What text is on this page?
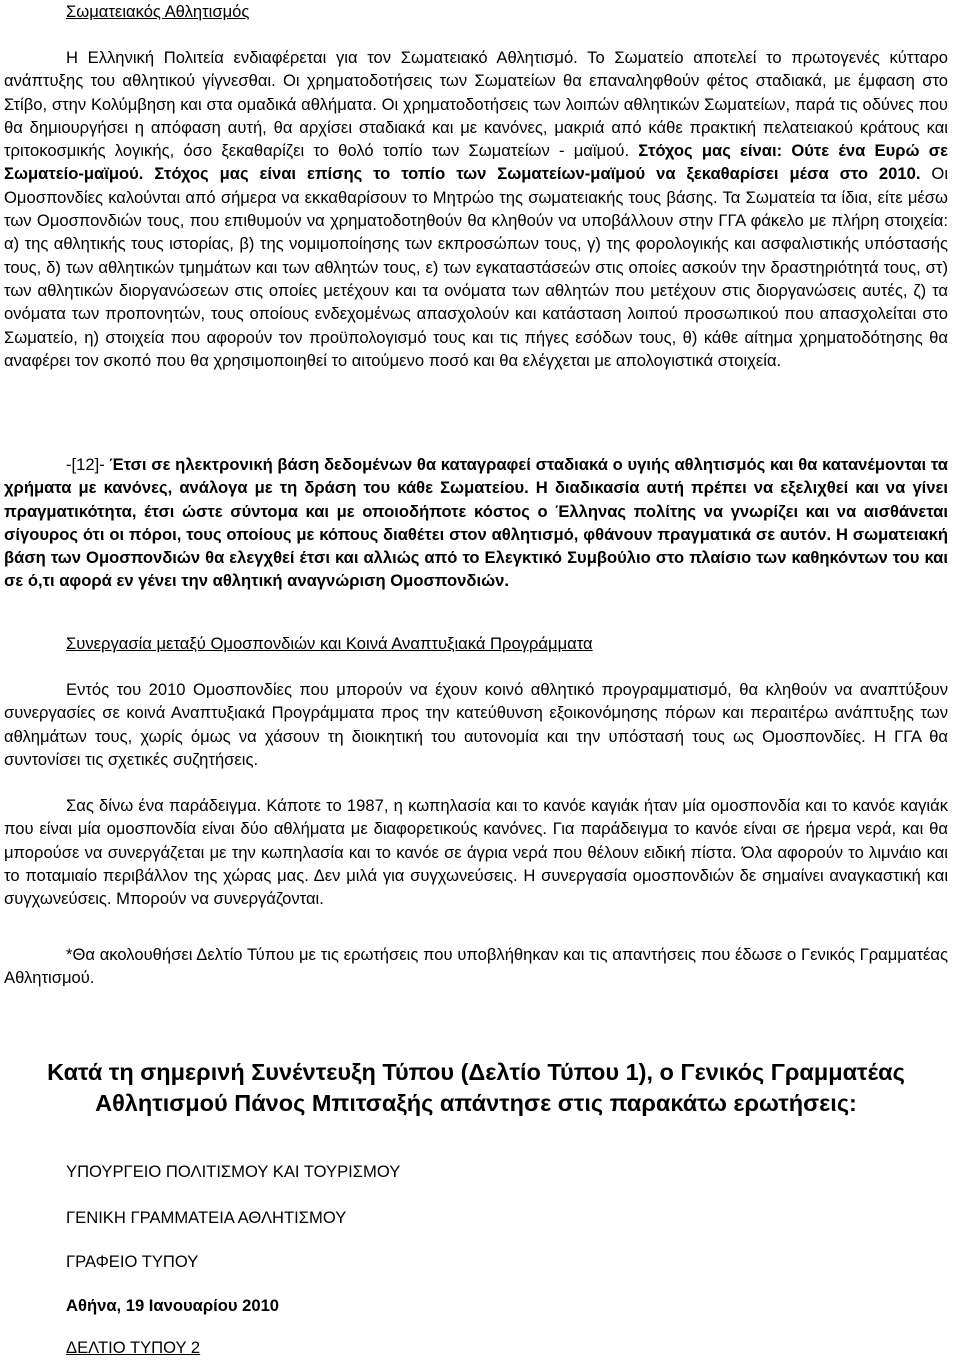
Σωματειακός Αθλητισμός

Η Ελληνική Πολιτεία ενδιαφέρεται για τον Σωματειακό Αθλητισμό. Το Σωματείο αποτελεί το πρωτογενές κύτταρο ανάπτυξης του αθλητικού γίγνεσθαι. Οι χρηματοδοτήσεις των Σωματείων θα επαναληφθούν φέτος σταδιακά, με έμφαση στο Στίβο, στην Κολύμβηση και στα ομαδικά αθλήματα. Οι χρηματοδοτήσεις των λοιπών αθλητικών Σωματείων, παρά τις οδύνες που θα δημιουργήσει η απόφαση αυτή, θα αρχίσει σταδιακά και με κανόνες, μακριά από κάθε πρακτική πελατειακού κράτους και τριτοκοσμικής λογικής, όσο ξεκαθαρίζει το θολό τοπίο των Σωματείων - μαϊμού. Στόχος μας είναι: Ούτε ένα Ευρώ σε Σωματείο-μαϊμού. Στόχος μας είναι επίσης το τοπίο των Σωματείων-μαϊμού να ξεκαθαρίσει μέσα στο 2010. Οι Ομοσπονδίες καλούνται από σήμερα να εκκαθαρίσουν το Μητρώο της σωματειακής τους βάσης. Τα Σωματεία τα ίδια, είτε μέσω των Ομοσπονδιών τους, που επιθυμούν να χρηματοδοτηθούν θα κληθούν να υποβάλλουν στην ΓΓΑ φάκελο με πλήρη στοιχεία: α) της αθλητικής τους ιστορίας, β) της νομιμοποίησης των εκπροσώπων τους, γ) της φορολογικής και ασφαλιστικής υπόστασής τους, δ) των αθλητικών τμημάτων και των αθλητών τους, ε) των εγκαταστάσεών στις οποίες ασκούν την δραστηριότητά τους, στ) των αθλητικών διοργανώσεων στις οποίες μετέχουν και τα ονόματα των αθλητών που μετέχουν στις διοργανώσεις αυτές, ζ) τα ονόματα των προπονητών, τους οποίους ενδεχομένως απασχολούν και κατάσταση λοιπού προσωπικού που απασχολείται στο Σωματείο, η) στοιχεία που αφορούν τον προϋπολογισμό τους και τις πήγες εσόδων τους, θ) κάθε αίτημα χρηματοδότησης θα αναφέρει τον σκοπό που θα χρησιμοποιηθεί το αιτούμενο ποσό και θα ελέγχεται με απολογιστικά στοιχεία.

-[12]- Έτσι σε ηλεκτρονική βάση δεδομένων θα καταγραφεί σταδιακά ο υγιής αθλητισμός και θα κατανέμονται τα χρήματα με κανόνες, ανάλογα με τη δράση του κάθε Σωματείου. Η διαδικασία αυτή πρέπει να εξελιχθεί και να γίνει πραγματικότητα, έτσι ώστε σύντομα και με οποιοδήποτε κόστος ο Έλληνας πολίτης να γνωρίζει και να αισθάνεται σίγουρος ότι οι πόροι, τους οποίους με κόπους διαθέτει στον αθλητισμό, φθάνουν πραγματικά σε αυτόν. Η σωματειακή βάση των Ομοσπονδιών θα ελεγχθεί έτσι και αλλιώς από το Ελεγκτικό Συμβούλιο στο πλαίσιο των καθηκόντων του και σε ό,τι αφορά εν γένει την αθλητική αναγνώριση Ομοσπονδιών.

Συνεργασία μεταξύ Ομοσπονδιών και Κοινά Αναπτυξιακά Προγράμματα

Εντός του 2010 Ομοσπονδίες που μπορούν να έχουν κοινό αθλητικό προγραμματισμό, θα κληθούν να αναπτύξουν συνεργασίες σε κοινά Αναπτυξιακά Προγράμματα προς την κατεύθυνση εξοικονόμησης πόρων και περαιτέρω ανάπτυξης των αθλημάτων τους, χωρίς όμως να χάσουν τη διοικητική του αυτονομία και την υπόστασή τους ως Ομοσπονδίες. Η ΓΓΑ θα συντονίσει τις σχετικές συζητήσεις.

Σας δίνω ένα παράδειγμα. Κάποτε το 1987, η κωπηλασία και το κανόε καγιάκ ήταν μία ομοσπονδία και το κανόε καγιάκ που είναι μία ομοσπονδία είναι δύο αθλήματα με διαφορετικούς κανόνες. Για παράδειγμα το κανόε είναι σε ήρεμα νερά, και θα μπορούσε να συνεργάζεται με την κωπηλασία και το κανόε σε άγρια νερά που θέλουν ειδική πίστα. Όλα αφορούν το λιμνάιο και το ποταμιαίο περιβάλλον της χώρας μας. Δεν μιλά για συγχωνεύσεις. Η συνεργασία ομοσπονδιών δε σημαίνει αναγκαστική και συγχωνεύσεις. Μπορούν να συνεργάζονται.

*Θα ακολουθήσει Δελτίο Τύπου με τις ερωτήσεις που υποβλήθηκαν και τις απαντήσεις που έδωσε ο Γενικός Γραμματέας Αθλητισμού.

Κατά τη σημερινή Συνέντευξη Τύπου (Δελτίο Τύπου 1), ο Γενικός Γραμματέας Αθλητισμού Πάνος Μπιτσαξής απάντησε στις παρακάτω ερωτήσεις:

ΥΠΟΥΡΓΕΙΟ ΠΟΛΙΤΙΣΜΟΥ ΚΑΙ ΤΟΥΡΙΣΜΟΥ

ΓΕΝΙΚΗ ΓΡΑΜΜΑΤΕΙΑ ΑΘΛΗΤΙΣΜΟΥ

ΓΡΑΦΕΙΟ ΤΥΠΟΥ

Αθήνα, 19 Ιανουαρίου 2010

ΔΕΛΤΙΟ ΤΥΠΟΥ 2
